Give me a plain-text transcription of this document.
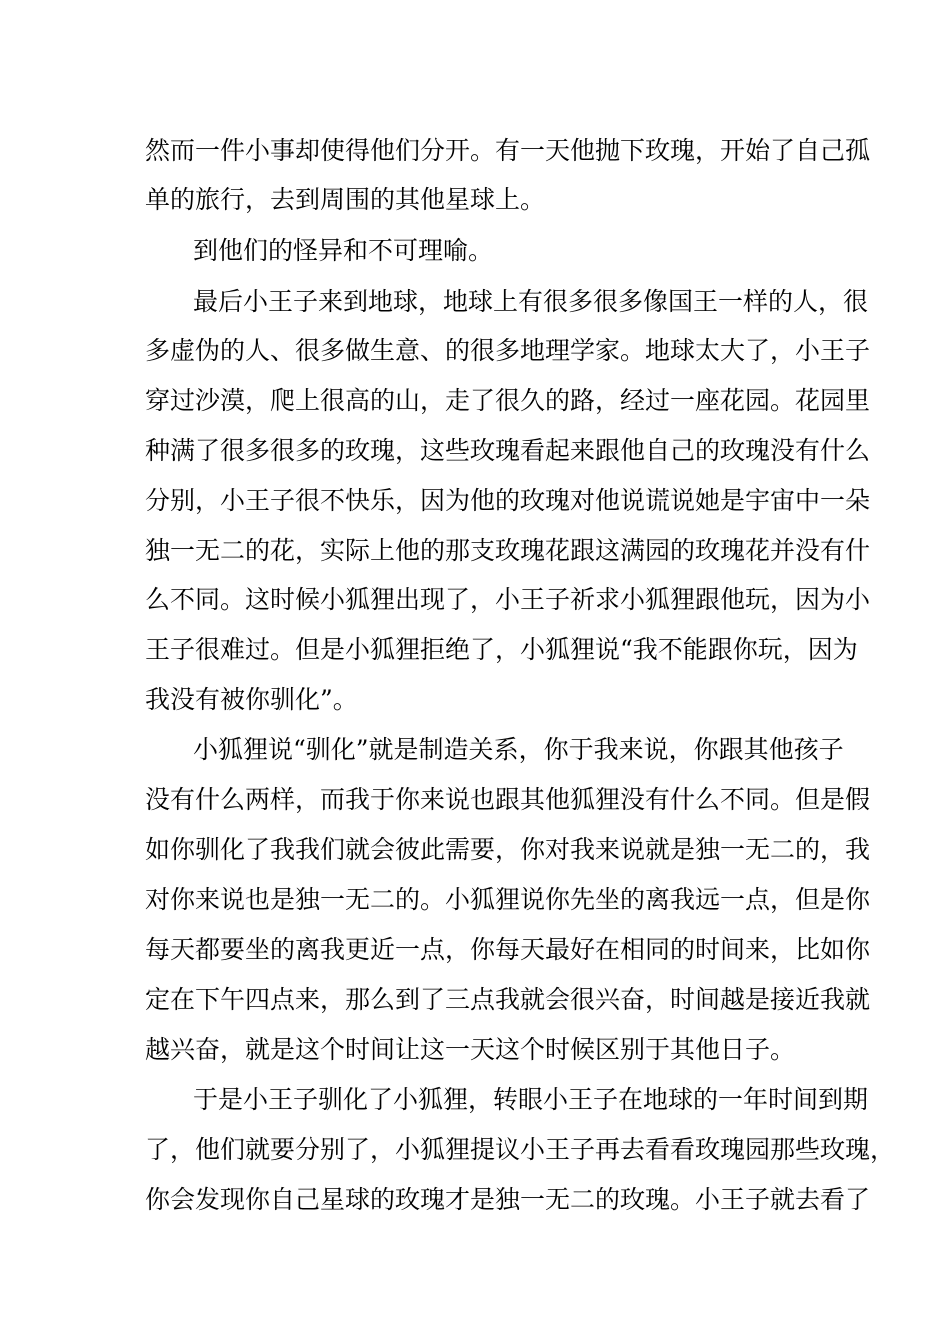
然而一件小事却使得他们分开。有一天他抛下玫瑰，开始了自己孤

单的旅行，去到周围的其他星球上。

到他们的怪异和不可理喻。

最后小王子来到地球，地球上有很多很多像国王一样的人，很

多虚伪的人、很多做生意、的很多地理学家。地球太大了，小王子

穿过沙漠，爬上很高的山，走了很久的路，经过一座花园。花园里

种满了很多很多的玫瑰，这些玫瑰看起来跟他自己的玫瑰没有什么

分别，小王子很不快乐，因为他的玫瑰对他说谎说她是宇宙中一朵

独一无二的花，实际上他的那支玫瑰花跟这满园的玫瑰花并没有什

么不同。这时候小狐狸出现了，小王子祈求小狐狸跟他玩，因为小

王子很难过。但是小狐狸拒绝了，小狐狸说“我不能跟你玩，因为

我没有被你驯化”。

小狐狸说“驯化”就是制造关系，你于我来说，你跟其他孩子

没有什么两样，而我于你来说也跟其他狐狸没有什么不同。但是假

如你驯化了我我们就会彼此需要，你对我来说就是独一无二的，我

对你来说也是独一无二的。小狐狸说你先坐的离我远一点，但是你

每天都要坐的离我更近一点，你每天最好在相同的时间来，比如你

定在下午四点来，那么到了三点我就会很兴奋，时间越是接近我就

越兴奋，就是这个时间让这一天这个时候区别于其他日子。

于是小王子驯化了小狐狸，转眼小王子在地球的一年时间到期

了，他们就要分别了，小狐狸提议小王子再去看看玫瑰园那些玫瑰，

你会发现你自己星球的玫瑰才是独一无二的玫瑰。小王子就去看了
